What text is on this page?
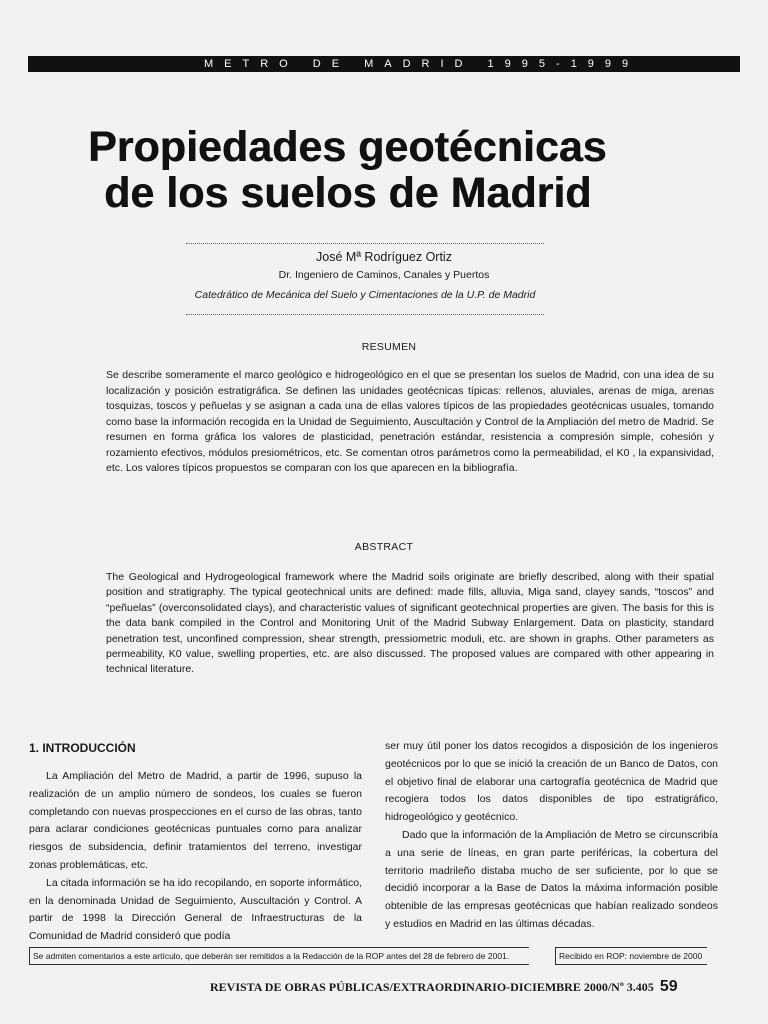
METRO DE MADRID 1995-1999
Propiedades geotécnicas
de los suelos de Madrid
José Mª Rodríguez Ortiz
Dr. Ingeniero de Caminos, Canales y Puertos
Catedrático de Mecánica del Suelo y Cimentaciones de la U.P. de Madrid
RESUMEN

Se describe someramente el marco geológico e hidrogeológico en el que se presentan los suelos de Madrid, con una idea de su localización y posición estratigráfica. Se definen las unidades geotécnicas típicas: rellenos, aluviales, arenas de miga, arenas tosquizas, toscos y peñuelas y se asignan a cada una de ellas valores típicos de las propiedades geotécnicas usuales, tomando como base la información recogida en la Unidad de Seguimiento, Auscultación y Control de la Ampliación del metro de Madrid. Se resumen en forma gráfica los valores de plasticidad, penetración estándar, resistencia a compresión simple, cohesión y rozamiento efectivos, módulos presiométricos, etc. Se comentan otros parámetros como la permeabilidad, el K0 , la expansividad, etc. Los valores típicos propuestos se comparan con los que aparecen en la bibliografía.

ABSTRACT

The Geological and Hydrogeological framework where the Madrid soils originate are briefly described, along with their spatial position and stratigraphy. The typical geotechnical units are defined: made fills, alluvia, Miga sand, clayey sands, “toscos” and “peñuelas” (overconsolidated clays), and characteristic values of significant geotechnical properties are given. The basis for this is the data bank compiled in the Control and Monitoring Unit of the Madrid Subway Enlargement. Data on plasticity, standard penetration test, unconfined compression, shear strength, pressiometric moduli, etc. are shown in graphs. Other parameters as permeability, K0 value, swelling properties, etc. are also discussed. The proposed values are compared with other appearing in technical literature.

1. INTRODUCCIÓN

La Ampliación del Metro de Madrid, a partir de 1996, supuso la realización de un amplio número de sondeos, los cuales se fueron completando con nuevas prospecciones en el curso de las obras, tanto para aclarar condiciones geotécnicas puntuales como para analizar riesgos de subsidencia, definir tratamientos del terreno, investigar zonas problemáticas, etc.

La citada información se ha ido recopilando, en soporte informático, en la denominada Unidad de Seguimiento, Auscultación y Control. A partir de 1998 la Dirección General de Infraestructuras de la Comunidad de Madrid consideró que podía

ser muy útil poner los datos recogidos a disposición de los ingenieros geotécnicos por lo que se inició la creación de un Banco de Datos, con el objetivo final de elaborar una cartografía geotécnica de Madrid que recogiera todos los datos disponibles de tipo estratigráfico, hidrogeológico y geotécnico.

Dado que la información de la Ampliación de Metro se circunscribía a una serie de líneas, en gran parte periféricas, la cobertura del territorio madrileño distaba mucho de ser suficiente, por lo que se decidió incorporar a la Base de Datos la máxima información posible obtenible de las empresas geotécnicas que habían realizado sondeos y estudios en Madrid en las últimas décadas.

Se admiten comentarios a este artículo, que deberán ser remitidos a la Redacción de la ROP antes del 28 de febrero de 2001.	Recibido en ROP: noviembre de 2000
REVISTA DE OBRAS PÚBLICAS/EXTRAORDINARIO-DICIEMBRE 2000/Nº 3.405 59
